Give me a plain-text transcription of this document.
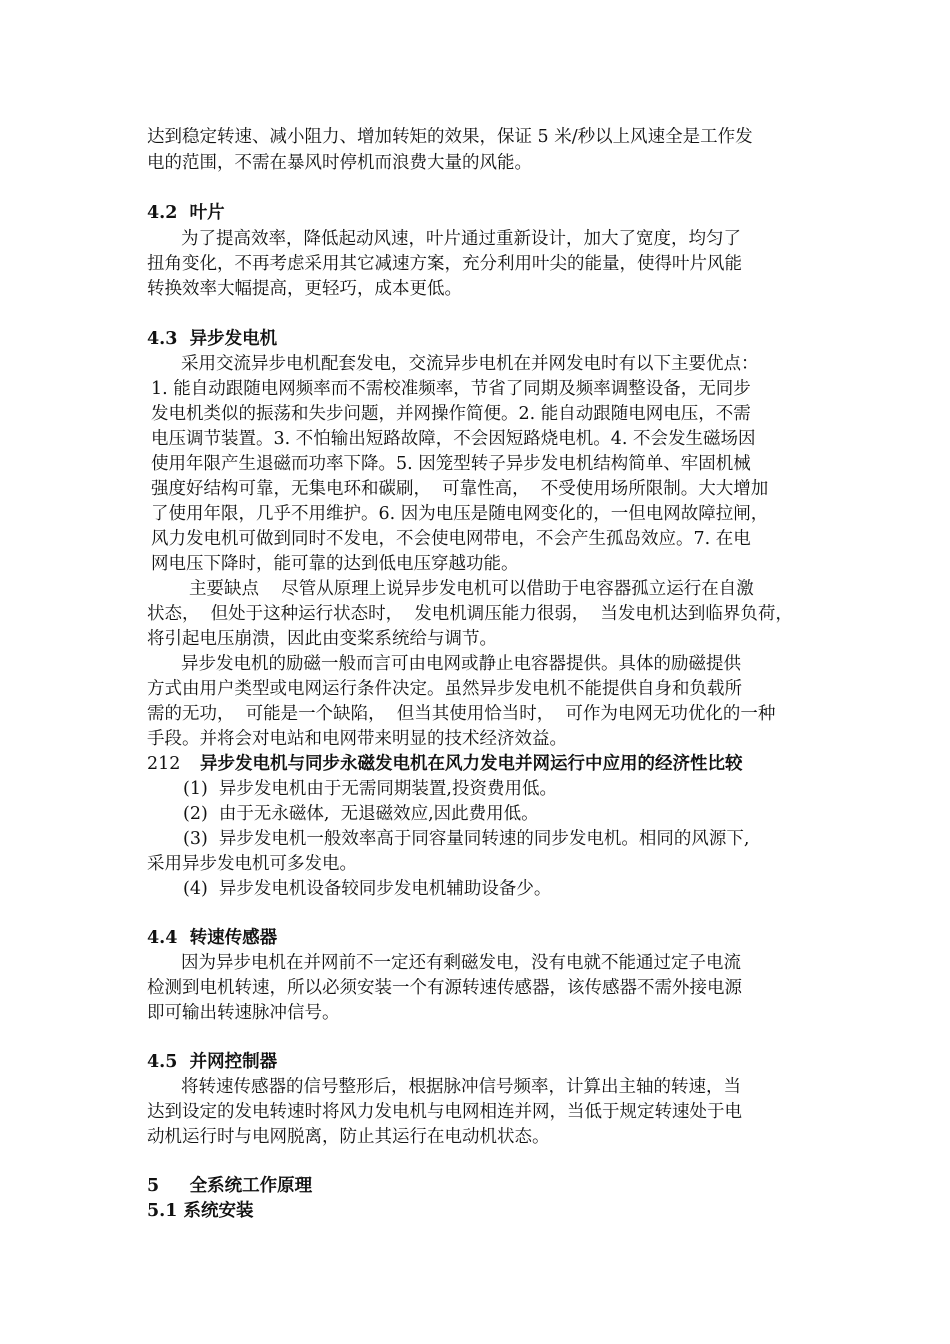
达到稳定转速、减小阻力、增加转矩的效果，保证 5 米/秒以上风速全是工作发

电的范围，不需在暴风时停机而浪费大量的风能。

4.2  叶片

为了提高效率，降低起动风速，叶片通过重新设计，加大了宽度，均匀了

扭角变化，不再考虑采用其它减速方案，充分利用叶尖的能量，使得叶片风能

转换效率大幅提高，更轻巧，成本更低。

4.3  异步发电机

采用交流异步电机配套发电，交流异步电机在并网发电时有以下主要优点：

1. 能自动跟随电网频率而不需校准频率，节省了同期及频率调整设备，无同步

发电机类似的振荡和失步问题，并网操作简便。2. 能自动跟随电网电压，不需

电压调节装置。3. 不怕输出短路故障，不会因短路烧电机。4. 不会发生磁场因

使用年限产生退磁而功率下降。5. 因笼型转子异步发电机结构简单、牢固机械

强度好结构可靠，无集电环和碳刷，  可靠性高，  不受使用场所限制。大大增加

了使用年限，几乎不用维护。6. 因为电压是随电网变化的，一但电网故障拉闸，

风力发电机可做到同时不发电，不会使电网带电，不会产生孤岛效应。7. 在电

网电压下降时，能可靠的达到低电压穿越功能。

主要缺点    尽管从原理上说异步发电机可以借助于电容器孤立运行在自激

状态，  但处于这种运行状态时，  发电机调压能力很弱，  当发电机达到临界负荷，

将引起电压崩溃，因此由变桨系统给与调节。

异步发电机的励磁一般而言可由电网或静止电容器提供。具体的励磁提供

方式由用户类型或电网运行条件决定。虽然异步发电机不能提供自身和负载所

需的无功，  可能是一个缺陷，  但当其使用恰当时，  可作为电网无功优化的一种

手段。并将会对电站和电网带来明显的技术经济效益。

212	异步发电机与同步永磁发电机在风力发电并网运行中应用的经济性比较

(1)  异步发电机由于无需同期装置,投资费用低。

(2)  由于无永磁体,  无退磁效应,因此费用低。

(3)  异步发电机一般效率高于同容量同转速的同步发电机。相同的风源下,

采用异步发电机可多发电。

(4)  异步发电机设备较同步发电机辅助设备少。

4.4  转速传感器

因为异步电机在并网前不一定还有剩磁发电，没有电就不能通过定子电流

检测到电机转速，所以必须安装一个有源转速传感器，该传感器不需外接电源

即可输出转速脉冲信号。

4.5  并网控制器

将转速传感器的信号整形后，根据脉冲信号频率，计算出主轴的转速，当

达到设定的发电转速时将风力发电机与电网相连并网，当低于规定转速处于电

动机运行时与电网脱离，防止其运行在电动机状态。

5     全系统工作原理

5.1 系统安装
